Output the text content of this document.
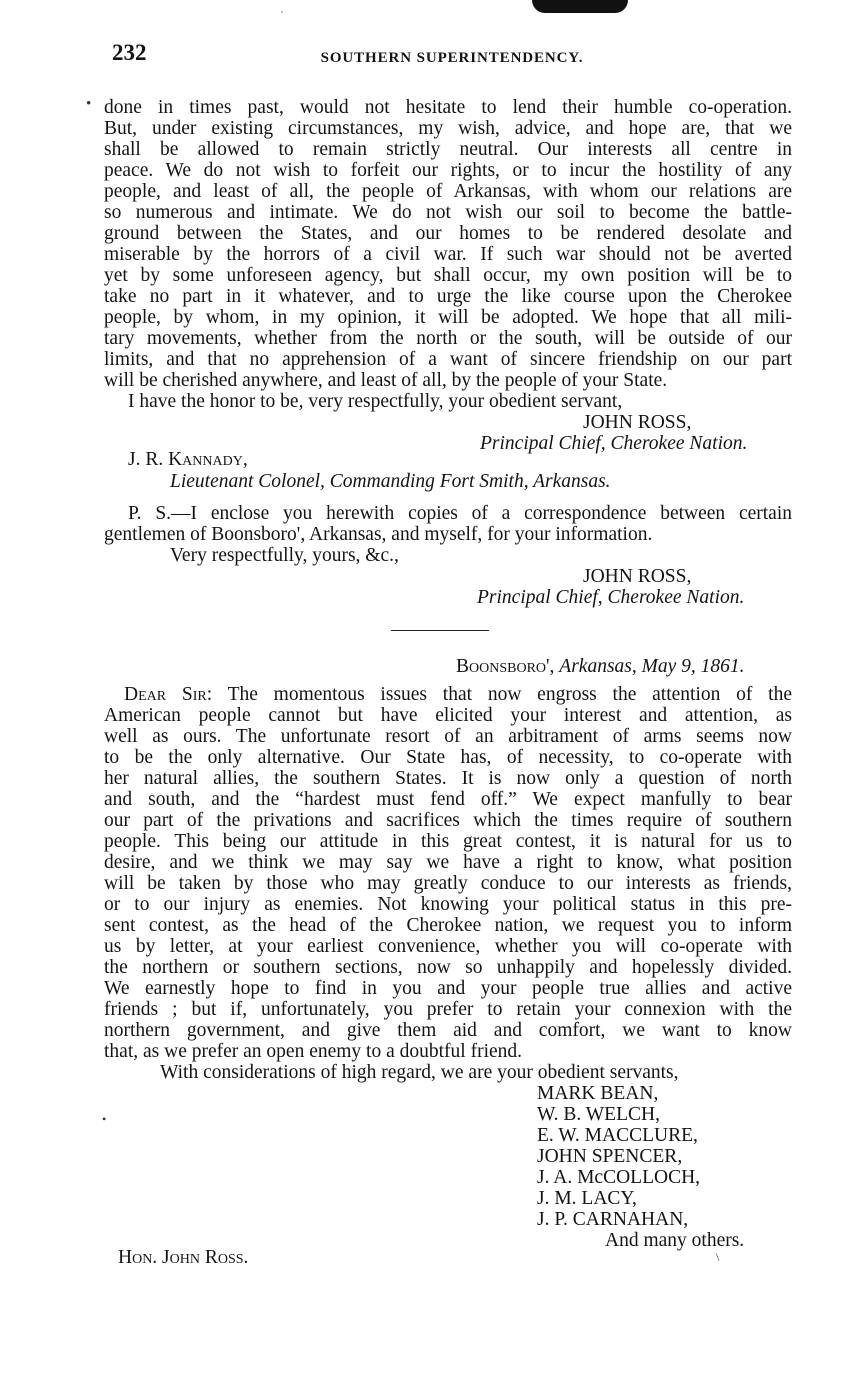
˙
232	SOUTHERN SUPERINTENDENCY.
• done in times past, would not hesitate to lend their humble co-operation.
But, under existing circumstances, my wish, advice, and hope are, that we
shall be allowed to remain strictly neutral. Our interests all centre in
peace. We do not wish to forfeit our rights, or to incur the hostility of any
people, and least of all, the people of Arkansas, with whom our relations are
so numerous and intimate. We do not wish our soil to become the battle-
ground between the States, and our homes to be rendered desolate and
miserable by the horrors of a civil war. If such war should not be averted
yet by some unforeseen agency, but shall occur, my own position will be to
take no part in it whatever, and to urge the like course upon the Cherokee
people, by whom, in my opinion, it will be adopted. We hope that all mili-
tary movements, whether from the north or the south, will be outside of our
limits, and that no apprehension of a want of sincere friendship on our part
will be cherished anywhere, and least of all, by the people of your State.
I have the honor to be, very respectfully, your obedient servant,
JOHN ROSS,
Principal Chief, Cherokee Nation.
J. R. Kannady,
Lieutenant Colonel, Commanding Fort Smith, Arkansas.
P. S.—I enclose you herewith copies of a correspondence between certain
gentlemen of Boonsboro', Arkansas, and myself, for your information.
Very respectfully, yours, &c.,
JOHN ROSS,
Principal Chief, Cherokee Nation.
Boonsboro', Arkansas, May 9, 1861.
Dear Sir: The momentous issues that now engross the attention of the
American people cannot but have elicited your interest and attention, as
well as ours. The unfortunate resort of an arbitrament of arms seems now
to be the only alternative. Our State has, of necessity, to co-operate with
her natural allies, the southern States. It is now only a question of north
and south, and the “hardest must fend off.” We expect manfully to bear
our part of the privations and sacrifices which the times require of southern
people. This being our attitude in this great contest, it is natural for us to
desire, and we think we may say we have a right to know, what position
will be taken by those who may greatly conduce to our interests as friends,
or to our injury as enemies. Not knowing your political status in this pre-
sent contest, as the head of the Cherokee nation, we request you to inform
us by letter, at your earliest convenience, whether you will co-operate with
the northern or southern sections, now so unhappily and hopelessly divided.
We earnestly hope to find in you and your people true allies and active
friends ; but if, unfortunately, you prefer to retain your connexion with the
northern government, and give them aid and comfort, we want to know
that, as we prefer an open enemy to a doubtful friend.
With considerations of high regard, we are your obedient servants,
MARK BEAN,
W. B. WELCH,
E. W. MACCLURE,
JOHN SPENCER,
J. A. McCOLLOCH,
J. M. LACY,
J. P. CARNAHAN,
And many others.
Hon. John Ross.
•
\
